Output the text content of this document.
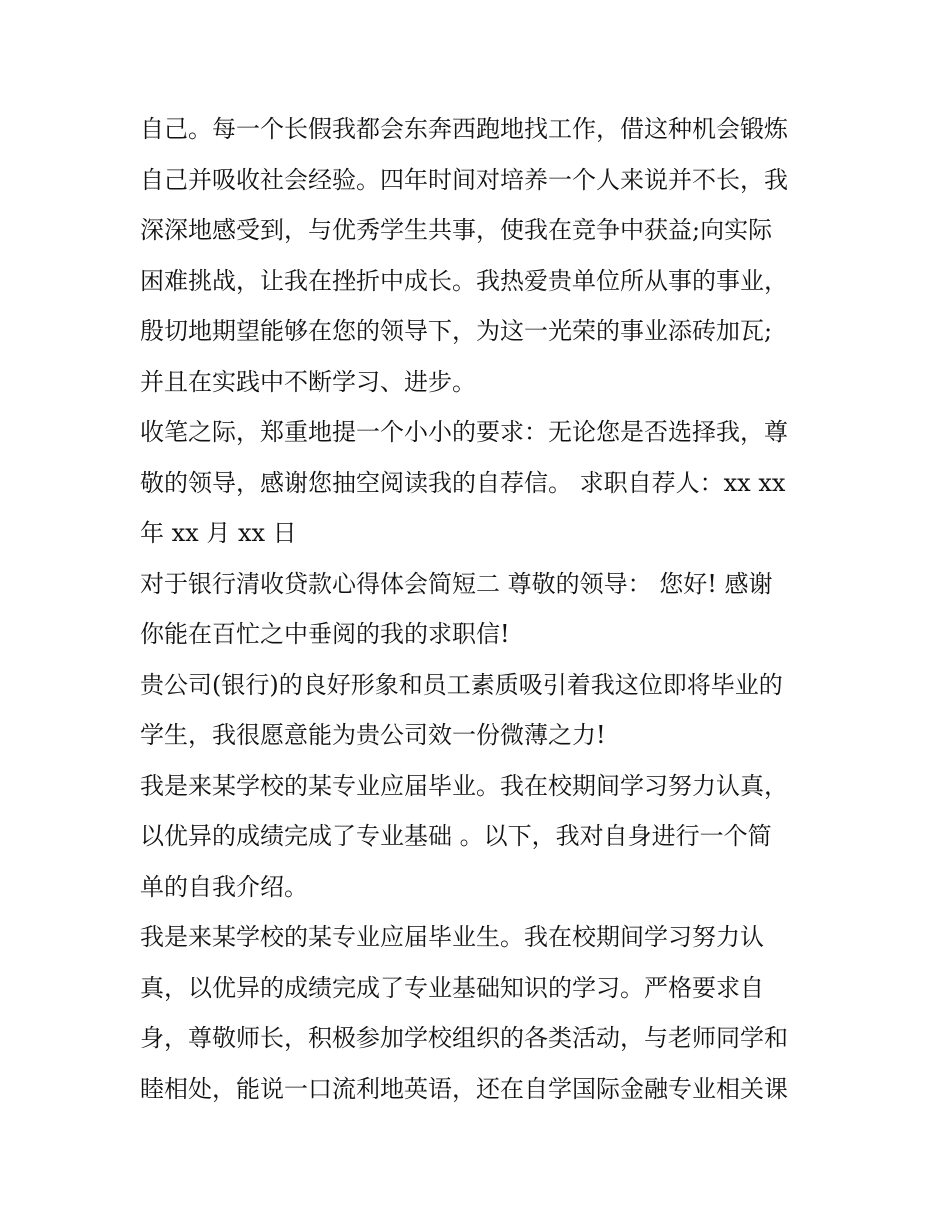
自己。每一个长假我都会东奔西跑地找工作，借这种机会锻炼
自己并吸收社会经验。四年时间对培养一个人来说并不长，我
深深地感受到，与优秀学生共事，使我在竞争中获益;向实际
困难挑战，让我在挫折中成长。我热爱贵单位所从事的事业，
殷切地期望能够在您的领导下，为这一光荣的事业添砖加瓦;
并且在实践中不断学习、进步。
收笔之际，郑重地提一个小小的要求：无论您是否选择我，尊
敬的领导，感谢您抽空阅读我的自荐信。 求职自荐人：xx xx
年 xx 月 xx 日
对于银行清收贷款心得体会简短二 尊敬的领导： 您好! 感谢
你能在百忙之中垂阅的我的求职信!
贵公司(银行)的良好形象和员工素质吸引着我这位即将毕业的
学生，我很愿意能为贵公司效一份微薄之力!
我是来某学校的某专业应届毕业。我在校期间学习努力认真，
以优异的成绩完成了专业基础 。以下，我对自身进行一个简
单的自我介绍。
我是来某学校的某专业应届毕业生。我在校期间学习努力认
真，以优异的成绩完成了专业基础知识的学习。严格要求自
身，尊敬师长，积极参加学校组织的各类活动，与老师同学和
睦相处，能说一口流利地英语，还在自学国际金融专业相关课
